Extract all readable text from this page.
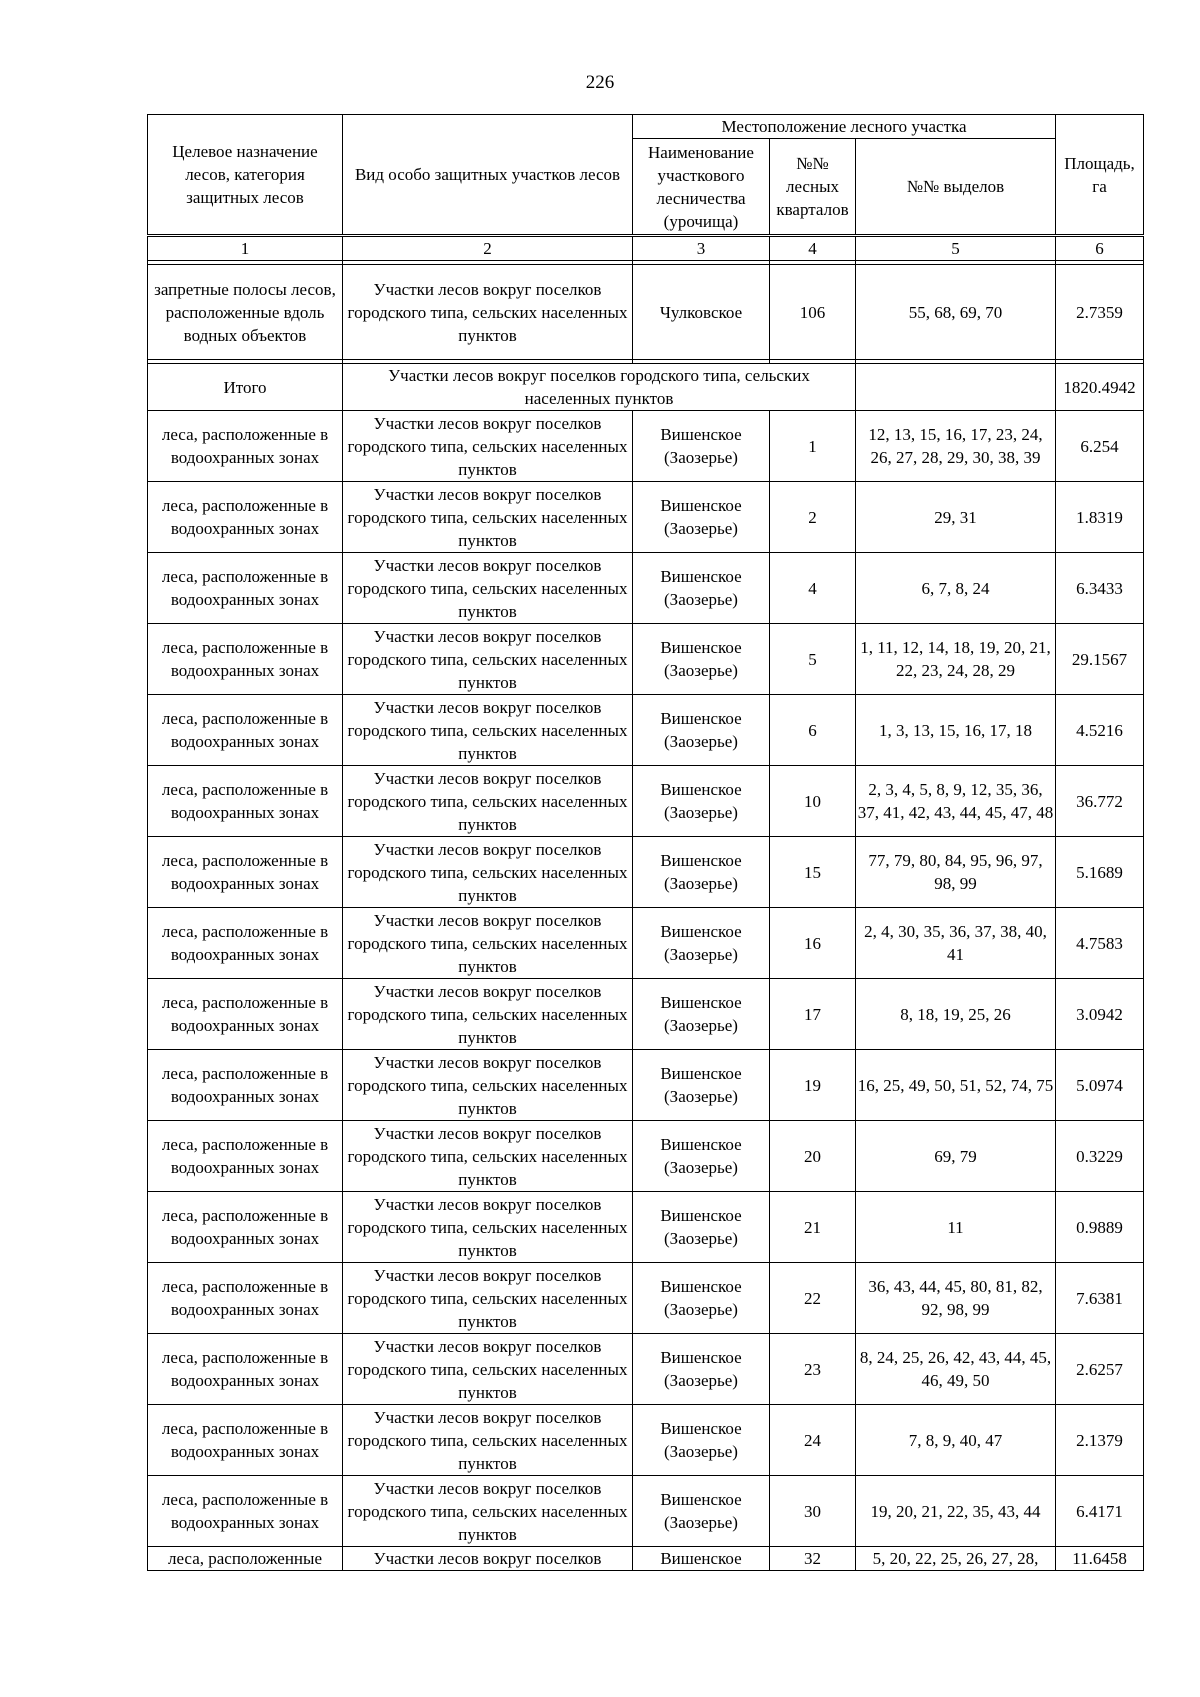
226
Целевое назначение лесов, категория защитных лесов	Вид особо защитных участков лесов	Местоположение лесного участка			Площадь, га
		Наименование участкового лесничества (урочища)	№№ лесных кварталов	№№ выделов	
1	2	3	4	5	6

запретные полосы лесов, расположенные вдоль водных объектов	Участки лесов вокруг поселков городского типа, сельских населенных пунктов	Чулковское	106	55, 68, 69, 70	2.7359

Итого	Участки лесов вокруг поселков городского типа, сельских населенных пунктов				1820.4942
леса, расположенные в водоохранных зонах	Участки лесов вокруг поселков городского типа, сельских населенных пунктов	Вишенское (Заозерье)	1	12, 13, 15, 16, 17, 23, 24, 26, 27, 28, 29, 30, 38, 39	6.254
леса, расположенные в водоохранных зонах	Участки лесов вокруг поселков городского типа, сельских населенных пунктов	Вишенское (Заозерье)	2	29, 31	1.8319
леса, расположенные в водоохранных зонах	Участки лесов вокруг поселков городского типа, сельских населенных пунктов	Вишенское (Заозерье)	4	6, 7, 8, 24	6.3433
леса, расположенные в водоохранных зонах	Участки лесов вокруг поселков городского типа, сельских населенных пунктов	Вишенское (Заозерье)	5	1, 11, 12, 14, 18, 19, 20, 21, 22, 23, 24, 28, 29	29.1567
леса, расположенные в водоохранных зонах	Участки лесов вокруг поселков городского типа, сельских населенных пунктов	Вишенское (Заозерье)	6	1, 3, 13, 15, 16, 17, 18	4.5216
леса, расположенные в водоохранных зонах	Участки лесов вокруг поселков городского типа, сельских населенных пунктов	Вишенское (Заозерье)	10	2, 3, 4, 5, 8, 9, 12, 35, 36, 37, 41, 42, 43, 44, 45, 47, 48	36.772
леса, расположенные в водоохранных зонах	Участки лесов вокруг поселков городского типа, сельских населенных пунктов	Вишенское (Заозерье)	15	77, 79, 80, 84, 95, 96, 97, 98, 99	5.1689
леса, расположенные в водоохранных зонах	Участки лесов вокруг поселков городского типа, сельских населенных пунктов	Вишенское (Заозерье)	16	2, 4, 30, 35, 36, 37, 38, 40, 41	4.7583
леса, расположенные в водоохранных зонах	Участки лесов вокруг поселков городского типа, сельских населенных пунктов	Вишенское (Заозерье)	17	8, 18, 19, 25, 26	3.0942
леса, расположенные в водоохранных зонах	Участки лесов вокруг поселков городского типа, сельских населенных пунктов	Вишенское (Заозерье)	19	16, 25, 49, 50, 51, 52, 74, 75	5.0974
леса, расположенные в водоохранных зонах	Участки лесов вокруг поселков городского типа, сельских населенных пунктов	Вишенское (Заозерье)	20	69, 79	0.3229
леса, расположенные в водоохранных зонах	Участки лесов вокруг поселков городского типа, сельских населенных пунктов	Вишенское (Заозерье)	21	11	0.9889
леса, расположенные в водоохранных зонах	Участки лесов вокруг поселков городского типа, сельских населенных пунктов	Вишенское (Заозерье)	22	36, 43, 44, 45, 80, 81, 82, 92, 98, 99	7.6381
леса, расположенные в водоохранных зонах	Участки лесов вокруг поселков городского типа, сельских населенных пунктов	Вишенское (Заозерье)	23	8, 24, 25, 26, 42, 43, 44, 45, 46, 49, 50	2.6257
леса, расположенные в водоохранных зонах	Участки лесов вокруг поселков городского типа, сельских населенных пунктов	Вишенское (Заозерье)	24	7, 8, 9, 40, 47	2.1379
леса, расположенные в водоохранных зонах	Участки лесов вокруг поселков городского типа, сельских населенных пунктов	Вишенское (Заозерье)	30	19, 20, 21, 22, 35, 43, 44	6.4171
леса, расположенные	Участки лесов вокруг поселков	Вишенское	32	5, 20, 22, 25, 26, 27, 28,	11.6458
